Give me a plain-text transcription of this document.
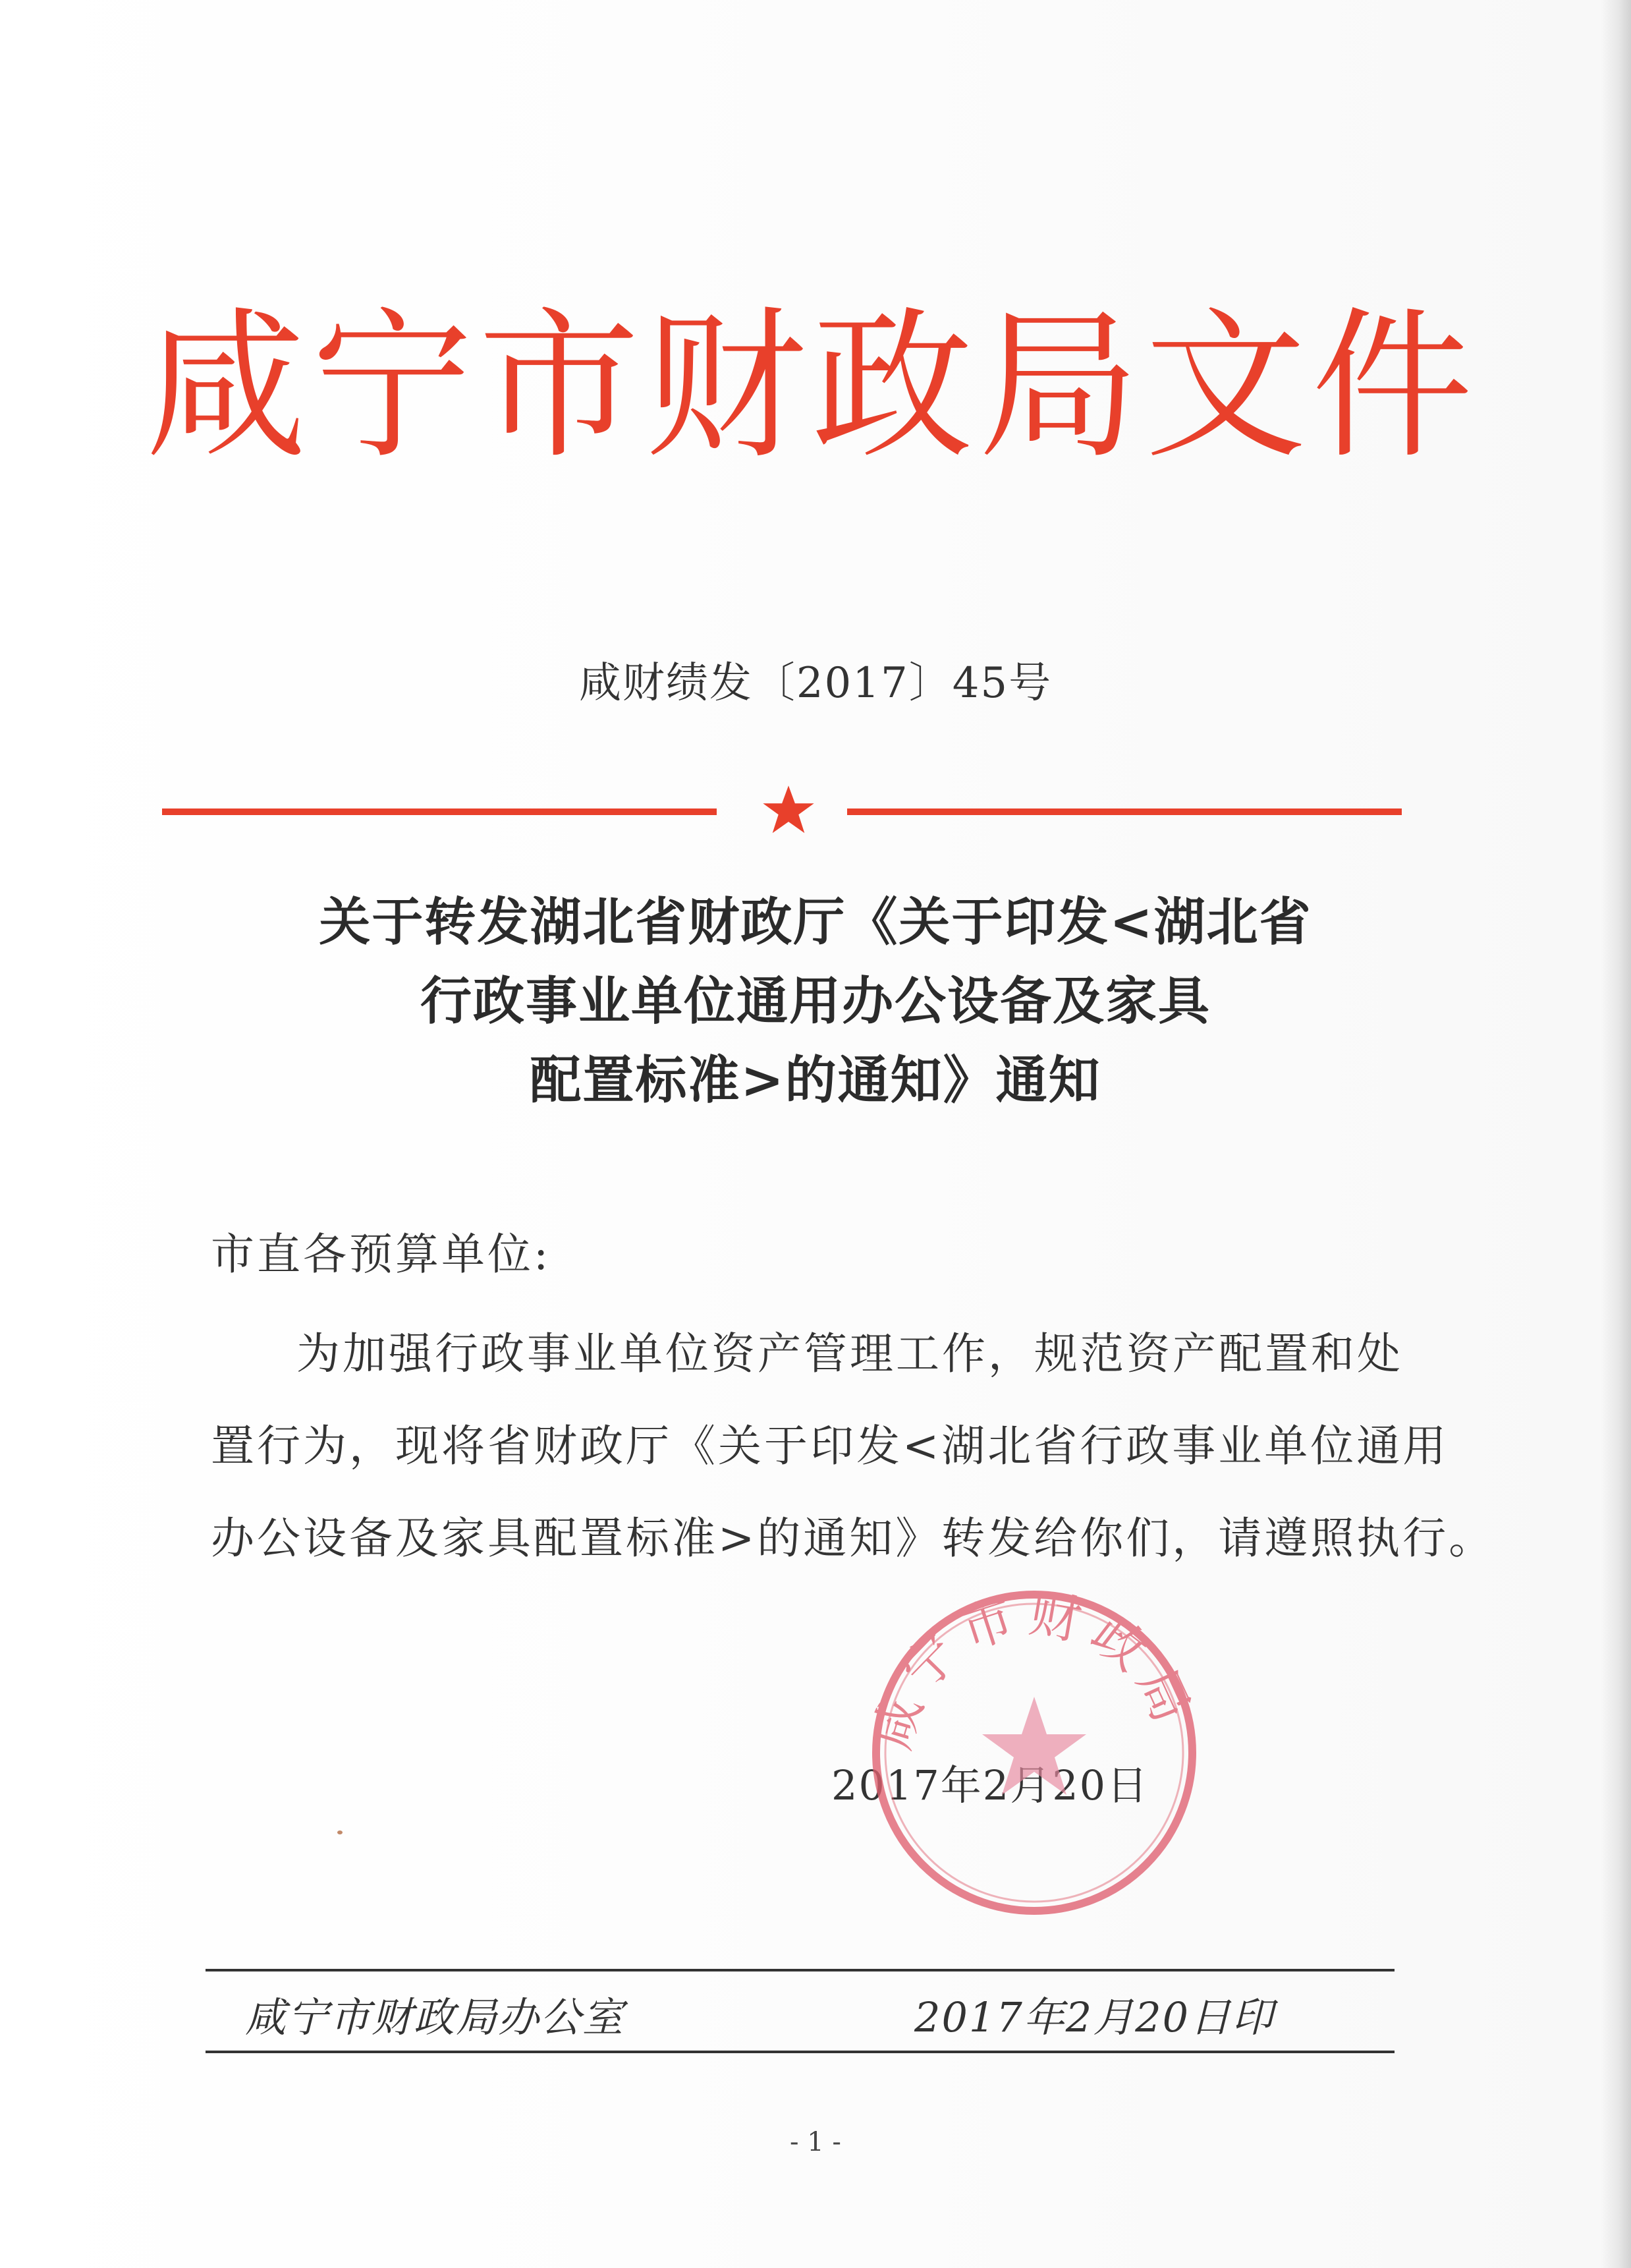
咸宁市财政局文件
咸财绩发〔2017〕45号
关于转发湖北省财政厅《关于印发<湖北省
行政事业单位通用办公设备及家具
配置标准>的通知》通知
市直各预算单位:
为加强行政事业单位资产管理工作，规范资产配置和处
置行为，现将省财政厅《关于印发<湖北省行政事业单位通用
办公设备及家具配置标准>的通知》转发给你们，请遵照执行。
2017年2月20日
咸宁市财政局
咸宁市财政局办公室	2017年2月20日印
- 1 -
